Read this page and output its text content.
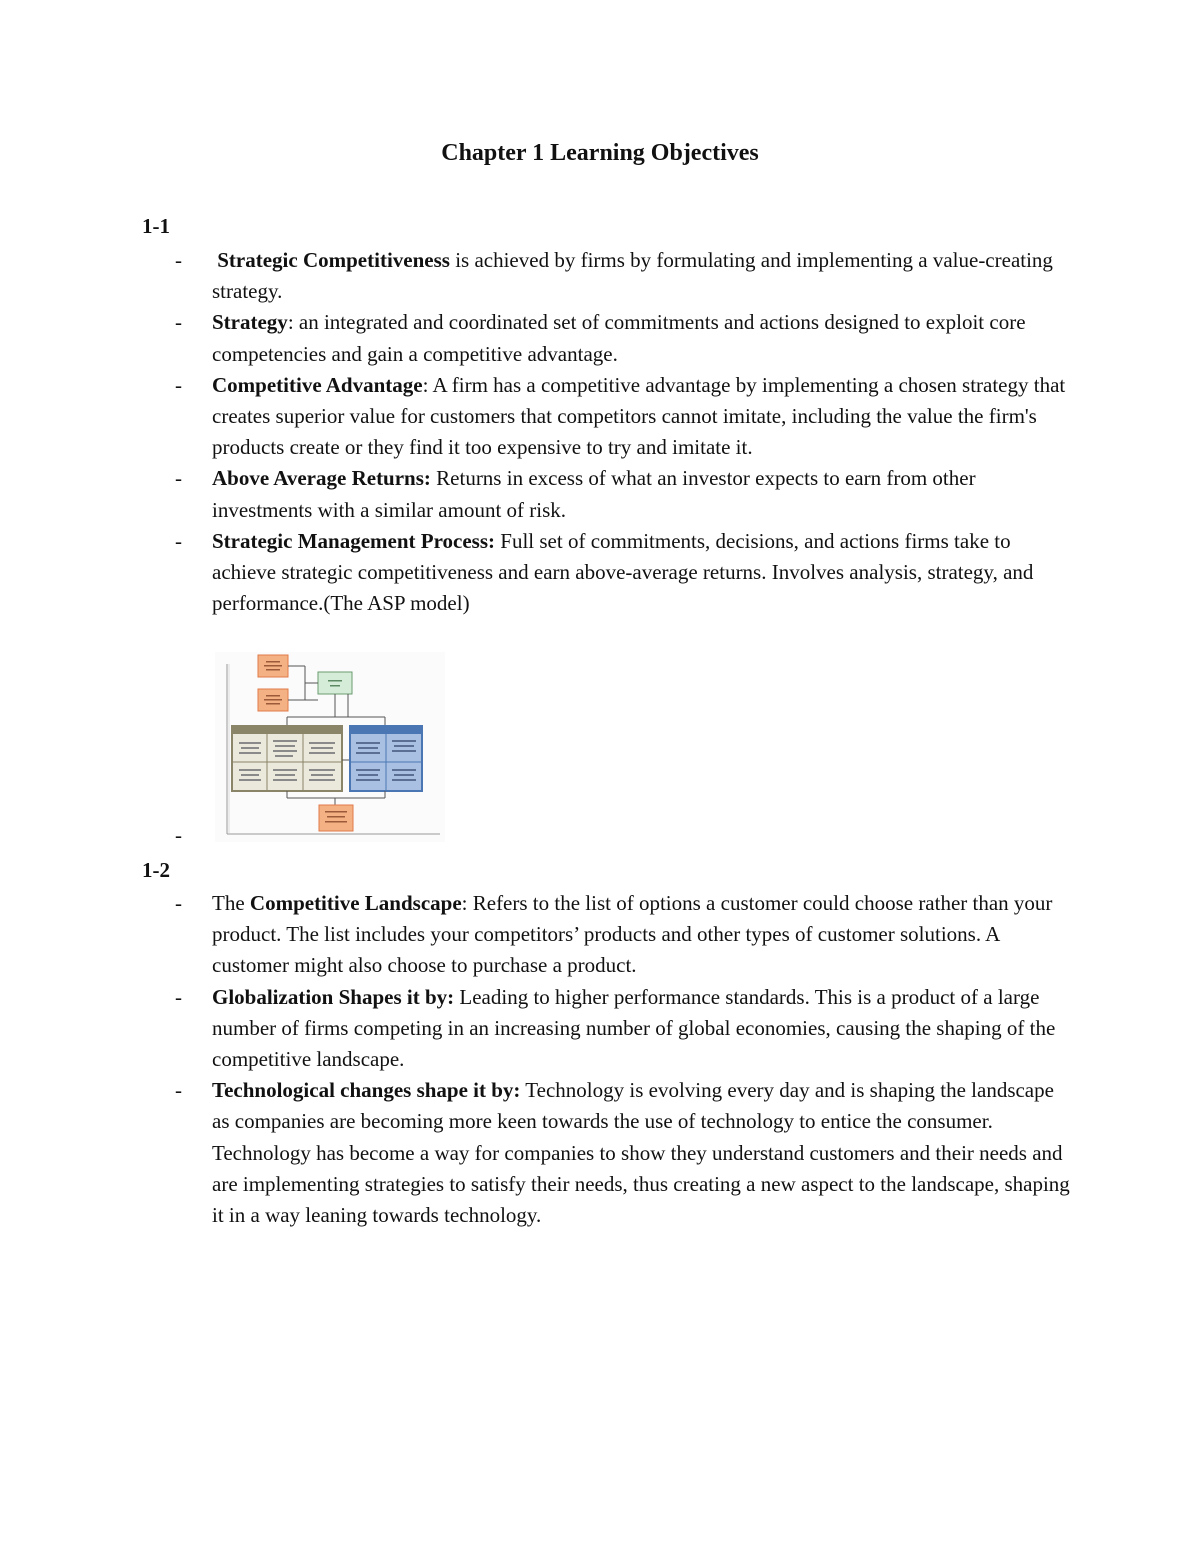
Chapter 1 Learning Objectives
1-1
- Strategic Competitiveness is achieved by firms by formulating and implementing a value-creating strategy.
- Strategy: an integrated and coordinated set of commitments and actions designed to exploit core competencies and gain a competitive advantage.
- Competitive Advantage: A firm has a competitive advantage by implementing a chosen strategy that creates superior value for customers that competitors cannot imitate, including the value the firm's products create or they find it too expensive to try and imitate it.
- Above Average Returns: Returns in excess of what an investor expects to earn from other investments with a similar amount of risk.
- Strategic Management Process: Full set of commitments, decisions, and actions firms take to achieve strategic competitiveness and earn above-average returns. Involves analysis, strategy, and performance.(The ASP model)
-
1-2
- The Competitive Landscape: Refers to the list of options a customer could choose rather than your product. The list includes your competitors’ products and other types of customer solutions. A customer might also choose to purchase a product.
- Globalization Shapes it by: Leading to higher performance standards. This is a product of a large number of firms competing in an increasing number of global economies, causing the shaping of the competitive landscape.
- Technological changes shape it by: Technology is evolving every day and is shaping the landscape as companies are becoming more keen towards the use of technology to entice the consumer. Technology has become a way for companies to show they understand customers and their needs and are implementing strategies to satisfy their needs, thus creating a new aspect to the landscape, shaping it in a way leaning towards technology.
